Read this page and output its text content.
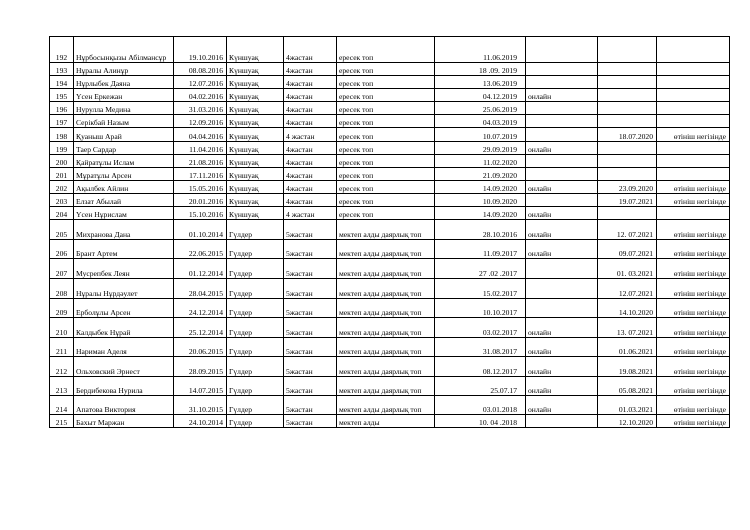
192	Нұрбосынқызы Абілмансұр	19.10.2016	Күншуақ	4жастан	ересек топ	11.06.2019			
193	Нұралы Алинұр	08.08.2016	Күншуақ	4жастан	ересек топ	18 .09. 2019			
194	Нұрлыбек Даяна	12.07.2016	Күншуақ	4жастан	ересек топ	13.06.2019			
195	Үсен Еркежан	04.02.2016	Күншуақ	4жастан	ересек топ	04.12.2019	онлайн		
196	Нурулла Медина	31.03.2016	Күншуақ	4жастан	ересек топ	25.06.2019			
197	Серікбай Назым	12.09.2016	Күншуақ	4жастан	ересек топ	04.03.2019			
198	Қуаныш Арай	04.04.2016	Күншуақ	4 жастан	ересек топ	10.07.2019		18.07.2020	өтініш негізінде
199	Таер Сардар	11.04.2016	Күншуақ	4жастан	ересек топ	29.09.2019	онлайн		
200	Қайратұлы Ислам	21.08.2016	Күншуақ	4жастан	ересек топ	11.02.2020			
201	Мұратұлы Арсен	17.11.2016	Күншуақ	4жастан	ересек топ	21.09.2020			
202	Ақылбек Айлин	15.05.2016	Күншуақ	4жастан	ересек топ	14.09.2020	онлайн	23.09.2020	өтініш негізінде
203	Елзат Абылай	20.01.2016	Күншуақ	4жастан	ересек топ	10.09.2020		19.07.2021	өтініш негізінде
204	Үсен Нұрислам	15.10.2016	Күншуақ	4 жастан	ересек топ	14.09.2020	онлайн		
205	Михранова Дана	01.10.2014	Гүлдер	5жастан	мектеп алды даярлық топ	28.10.2016	онлайн	12. 07.2021	өтініш негізінде
206	Брант Артем	22.06.2015	Гүлдер	5жастан	мектеп алды даярлық топ	11.09.2017	онлайн	09.07.2021	өтініш негізінде
207	Мусрепбек Леян	01.12.2014	Гүлдер	5жастан	мектеп алды даярлық топ	27 .02 .2017		01. 03.2021	өтініш негізінде
208	Нұралы Нұрдәулет	28.04.2015	Гүлдер	5жастан	мектеп алды даярлық топ	15.02.2017		12.07.2021	өтініш негізінде
209	Ерболұлы Арсен	24.12.2014	Гүлдер	5жастан	мектеп алды даярлық топ	10.10.2017		14.10.2020	өтініш негізінде
210	Калдыбек Нұрай	25.12.2014	Гүлдер	5жастан	мектеп алды даярлық топ	03.02.2017	онлайн	13. 07.2021	өтініш негізінде
211	Нариман Аделя	20.06.2015	Гүлдер	5жастан	мектеп алды даярлық топ	31.08.2017	онлайн	01.06.2021	өтініш негізінде
212	Ольховский Эрнест	28.09.2015	Гүлдер	5жастан	мектеп алды даярлық топ	08.12.2017	онлайн	19.08.2021	өтініш негізінде
213	Бердибекова Нурила	14.07.2015	Гүлдер	5жастан	мектеп алды даярлық топ	25.07.17	онлайн	05.08.2021	өтініш негізінде
214	Апатова Виктория	31.10.2015	Гүлдер	5жастан	мектеп алды даярлық топ	03.01.2018	онлайн	01.03.2021	өтініш негізінде
215	Бахыт Маржан	24.10.2014	Гүлдер	5жастан	мектеп алды	10. 04 .2018		12.10.2020	өтініш негізінде
